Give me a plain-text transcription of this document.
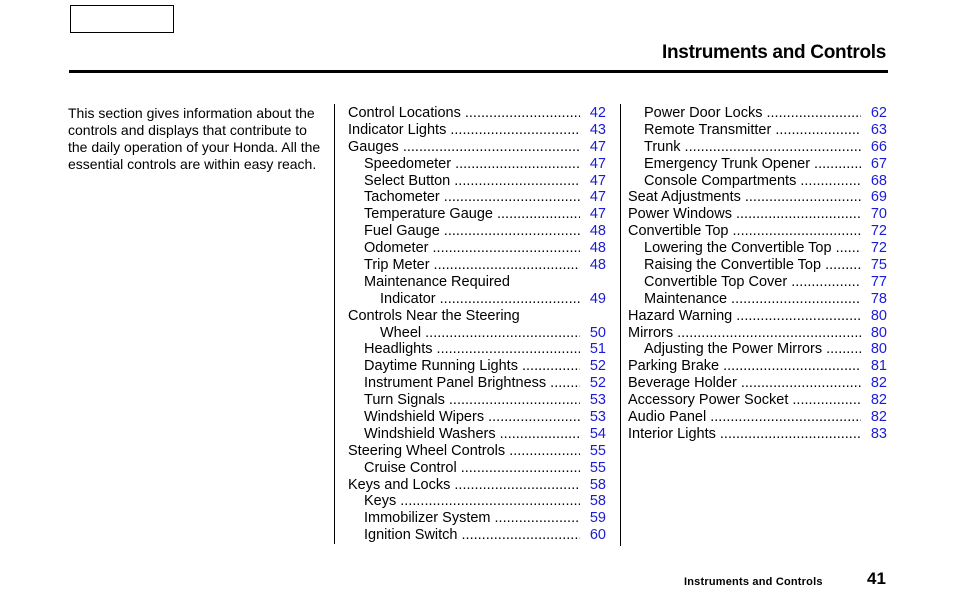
Instruments and Controls
This section gives information about the controls and displays that contribute to the daily operation of your Honda. All the essential controls are within easy reach.
Control Locations .....	42
Indicator Lights .....	43
Gauges .....	47
Speedometer .....	47
Select Button .....	47
Tachometer .....	47
Temperature Gauge .....	47
Fuel Gauge .....	48
Odometer .....	48
Trip Meter .....	48
Maintenance Required
Indicator .....	49
Controls Near the Steering
Wheel .....	50
Headlights .....	51
Daytime Running Lights .....	52
Instrument Panel Brightness .....	52
Turn Signals .....	53
Windshield Wipers .....	53
Windshield Washers .....	54
Steering Wheel Controls .....	55
Cruise Control .....	55
Keys and Locks .....	58
Keys .....	58
Immobilizer System .....	59
Ignition Switch .....	60
Power Door Locks .....	62
Remote Transmitter .....	63
Trunk .....	66
Emergency Trunk Opener .....	67
Console Compartments .....	68
Seat Adjustments .....	69
Power Windows .....	70
Convertible Top .....	72
Lowering the Convertible Top .....	72
Raising the Convertible Top .....	75
Convertible Top Cover .....	77
Maintenance .....	78
Hazard Warning .....	80
Mirrors .....	80
Adjusting the Power Mirrors .....	80
Parking Brake .....	81
Beverage Holder .....	82
Accessory Power Socket .....	82
Audio Panel .....	82
Interior Lights .....	83
Instruments and Controls	41
